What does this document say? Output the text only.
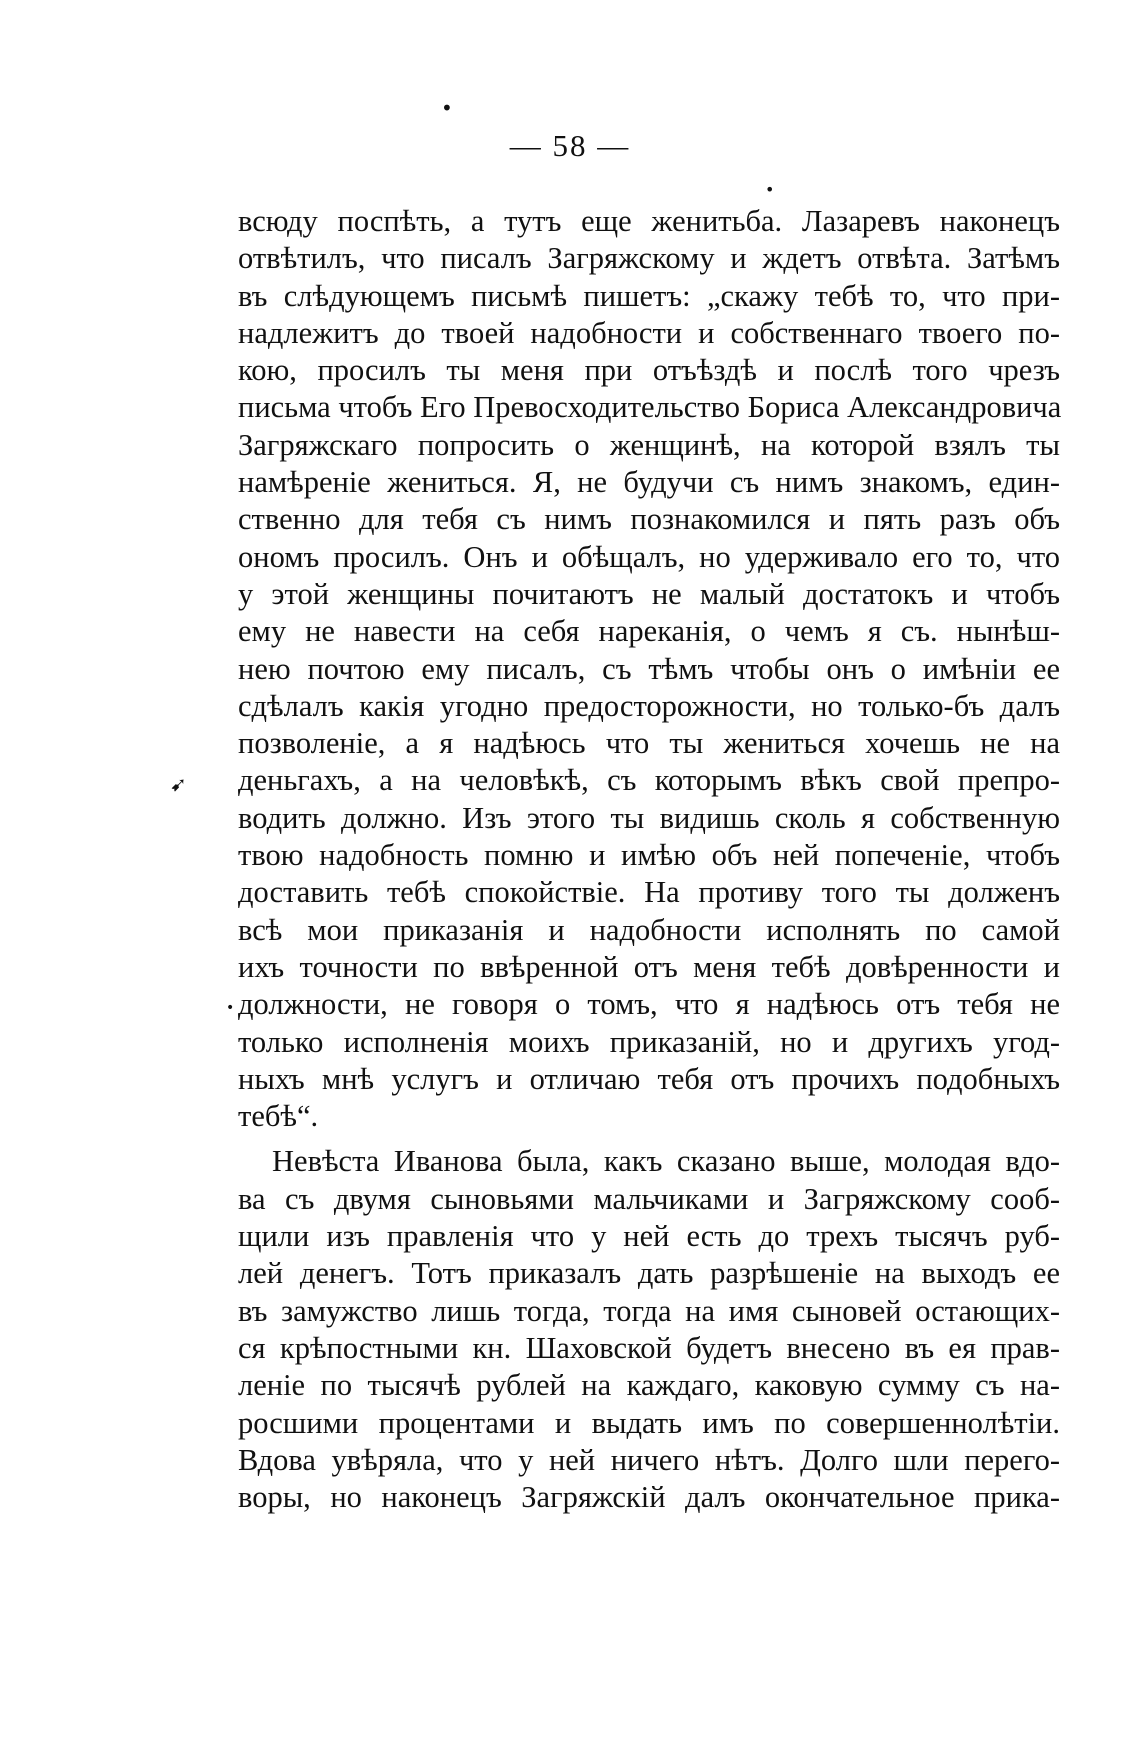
•
•
➹
•
— 58 —
всюду поспѣть, а тутъ еще женитьба. Лазаревъ наконецъ
отвѣтилъ, что писалъ Загряжскому и ждетъ отвѣта. Затѣмъ
въ слѣдующемъ письмѣ пишетъ: „скажу тебѣ то, что при-
надлежитъ до твоей надобности и собственнаго твоего по-
кою, просилъ ты меня при отъѣздѣ и послѣ того чрезъ
письма чтобъ Его Превосходительство Бориса Александровича
Загряжскаго попросить о женщинѣ, на которой взялъ ты
намѣреніе жениться. Я, не будучи съ нимъ знакомъ, един-
ственно для тебя съ нимъ познакомился и пять разъ объ
ономъ просилъ. Онъ и обѣщалъ, но удерживало его то, что
у этой женщины почитаютъ не малый достатокъ и чтобъ
ему не навести на себя нареканія, о чемъ я съ. нынѣш-
нею почтою ему писалъ, съ тѣмъ чтобы онъ о имѣніи ее
сдѣлалъ какія угодно предосторожности, но только-бъ далъ
позволеніе, а я надѣюсь что ты жениться хочешь не на
деньгахъ, а на человѣкѣ, съ которымъ вѣкъ свой препро-
водить должно. Изъ этого ты видишь сколь я собственную
твою надобность помню и имѣю объ ней попеченіе, чтобъ
доставить тебѣ спокойствіе. На противу того ты долженъ
всѣ мои приказанія и надобности исполнять по самой
ихъ точности по ввѣренной отъ меня тебѣ довѣренности и
должности, не говоря о томъ, что я надѣюсь отъ тебя не
только исполненія моихъ приказаній, но и другихъ угод-
ныхъ мнѣ услугъ и отличаю тебя отъ прочихъ подобныхъ
тебѣ“.
Невѣста Иванова была, какъ сказано выше, молодая вдо-
ва съ двумя сыновьями мальчиками и Загряжскому сооб-
щили изъ правленія что у ней есть до трехъ тысячъ руб-
лей денегъ. Тотъ приказалъ дать разрѣшеніе на выходъ ее
въ замужство лишь тогда, тогда на имя сыновей остающих-
ся крѣпостными кн. Шаховской будетъ внесено въ ея прав-
леніе по тысячѣ рублей на каждаго, каковую сумму съ на-
росшими процентами и выдать имъ по совершеннолѣтіи.
Вдова увѣряла, что у ней ничего нѣтъ. Долго шли перего-
воры, но наконецъ Загряжскій далъ окончательное прика-
